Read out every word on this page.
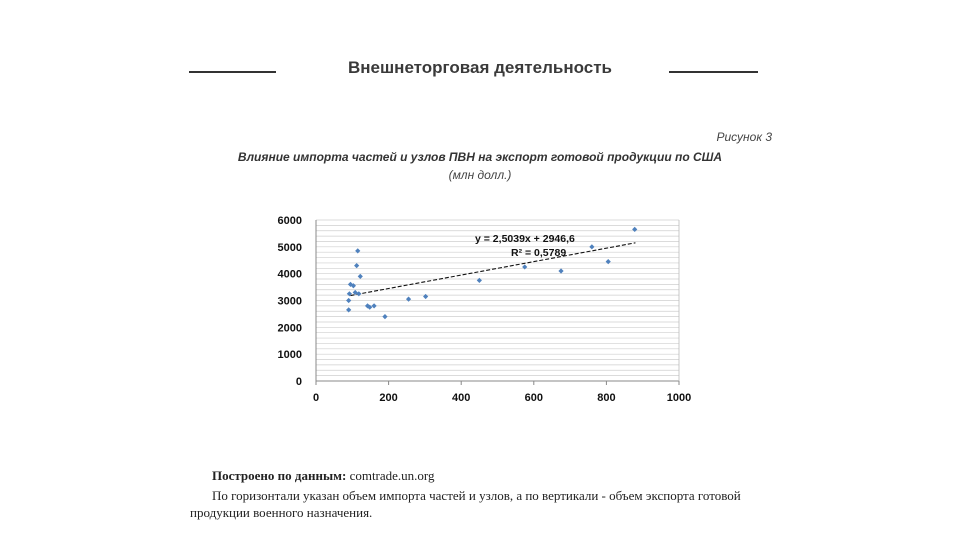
Внешнеторговая деятельность
Рисунок 3
Влияние импорта частей и узлов ПВН на экспорт готовой продукции по США
(млн долл.)
0
1000
2000
3000
4000
5000
6000
0	200	400	600	800	1000
y = 2,5039x + 2946,6
R² = 0,5789
Построено по данным: comtrade.un.org
По горизонтали указан объем импорта частей и узлов, а по вертикали - объем экспорта готовой продукции военного назначения.
